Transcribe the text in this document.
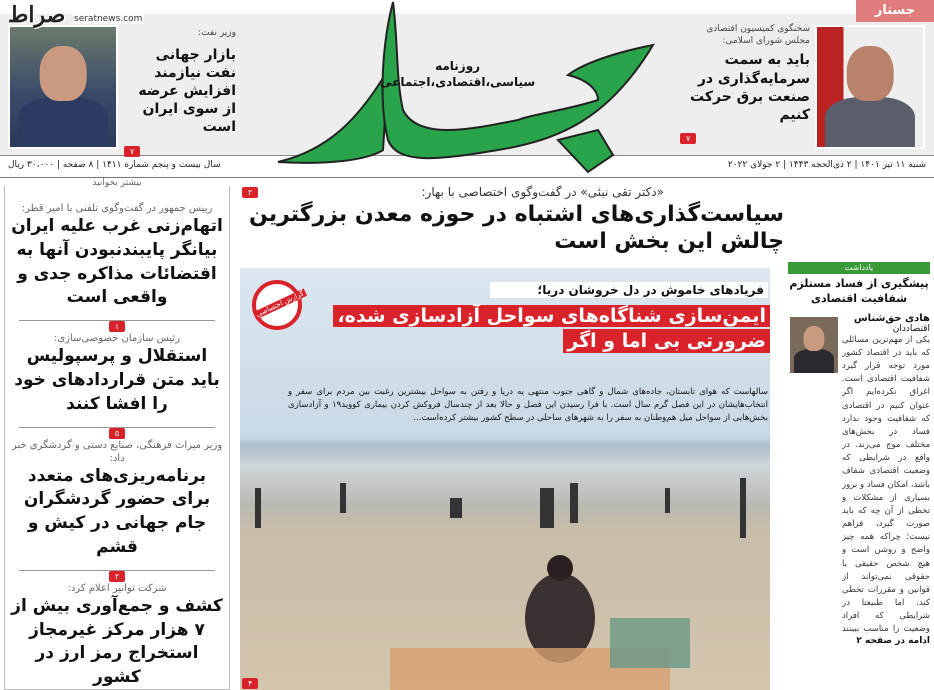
وزیر نفت:
بازار جهانی نفت نیازمند افزایش عرضه از سوی ایران است
۷
صراط seratnews.com
روزنامه
سیاسی،اقتصادی،اجتماعی
جستار
سخنگوی کمیسیون اقتصادی مجلس شورای اسلامی:
باید به سمت سرمایه‌گذاری در صنعت برق حرکت کنیم
۷
سال بیست و پنجم شماره ۱۴۱۱ | ۸ صفحه | ۳۰،۰۰۰ ریال	شنبه ۱۱ تیر ۱۴۰۱ | ۲ ذی‌الحجه ۱۴۴۳ | ۲ جولای ۲۰۲۲
بیشتر بخوانید
رییس جمهور در گفت‌وگوی تلفنی با امیر قطر:
اتهام‌زنی غرب علیه ایران بیانگر پایبندنبودن آنها به اقتضائات مذاکره جدی و واقعی است
۱
رئیس سازمان خصوصی‌سازی:
استقلال و پرسپولیس باید متن قراردادهای خود را افشا کنند
۵
وزیر میراث فرهنگی، صنایع دستی و گردشگری خبر داد:
برنامه‌ریزی‌های متعدد برای حضور گردشگران جام جهانی در کیش و قشم
۲
شرکت توانیر اعلام کرد:
کشف و جمع‌آوری بیش از ۷ هزار مرکز غیرمجاز استخراج رمز ارز در کشور
«دکتر تقی نبئی» در گفت‌وگوی اختصاصی با بهار:
سیاست‌گذاری‌های اشتباه در حوزه معدن بزرگترین چالش این بخش است
۲
گزارش اختصاصی	فریادهای خاموش در دل خروشان دریا؛
ایمن‌سازی شناگاه‌های سواحل آزادسازی شده،
ضرورتی بی اما و اگر
سالهاست که هوای تابستان، جاده‌های شمال و گاهی جنوب منتهی به دریا و رفتن به سواحل بیشترین رغبت بین مردم برای سفر و انتخاب‌هایشان در این فصل گرم سال است. با فرا رسیدن این فصل و حالا بعد از چندسال فروکش کردن بیماری کووید۱۹ و آزادسازی بخش‌هایی از سواحل میل هم‌وطنان به سفر را به شهرهای ساحلی در سطح کشور بیشتر کرده‌است...
۴
یادداشت
پیشگیری از فساد مستلزم شفافیت اقتصادی
هادی حق‌شناس
اقتصاددان
یکی از مهم‌ترین مسائلی که باید در اقتصاد کشور مورد توجه قرار گیرد شفافیت اقتصادی است. اغراق نکرده‌ایم اگر عنوان کنیم در اقتصادی که شفافیت وجود ندارد فساد در بخش‌های مختلف موج می‌زند. در واقع در شرایطی که وضعیت اقتصادی شفاف باشد، امکان فساد و بروز بسیاری از مشکلات و تخطی از آن چه که باید صورت گیرد، فراهم نیست؛ چراکه همه چیز واضح و روشن است و هیچ شخص حقیقی یا حقوقی نمی‌تواند از قوانین و مقررات تخطی کند. اما طبیعتا در شرایطی که افراد وضعیت را مناسب ببینند
ادامه در صفحه ۲
